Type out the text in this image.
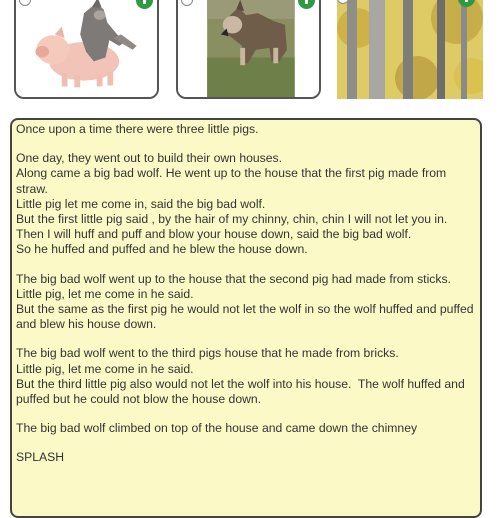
Once upon a time there were three little pigs.

One day, they went out to build their own houses.
Along came a big bad wolf. He went up to the house that the first pig made from straw.
Little pig let me come in, said the big bad wolf.
But the first little pig said , by the hair of my chinny, chin, chin I will not let you in.
Then I will huff and puff and blow your house down, said the big bad wolf.
So he huffed and puffed and he blew the house down.

The big bad wolf went up to the house that the second pig had made from sticks.
Little pig, let me come in he said.
But the same as the first pig he would not let the wolf in so the wolf huffed and puffed and blew his house down.

The big bad wolf went to the third pigs house that he made from bricks.
Little pig, let me come in he said.
But the third little pig also would not let the wolf into his house.  The wolf huffed and puffed but he could not blow the house down.

The big bad wolf climbed on top of the house and came down the chimney

SPLASH
